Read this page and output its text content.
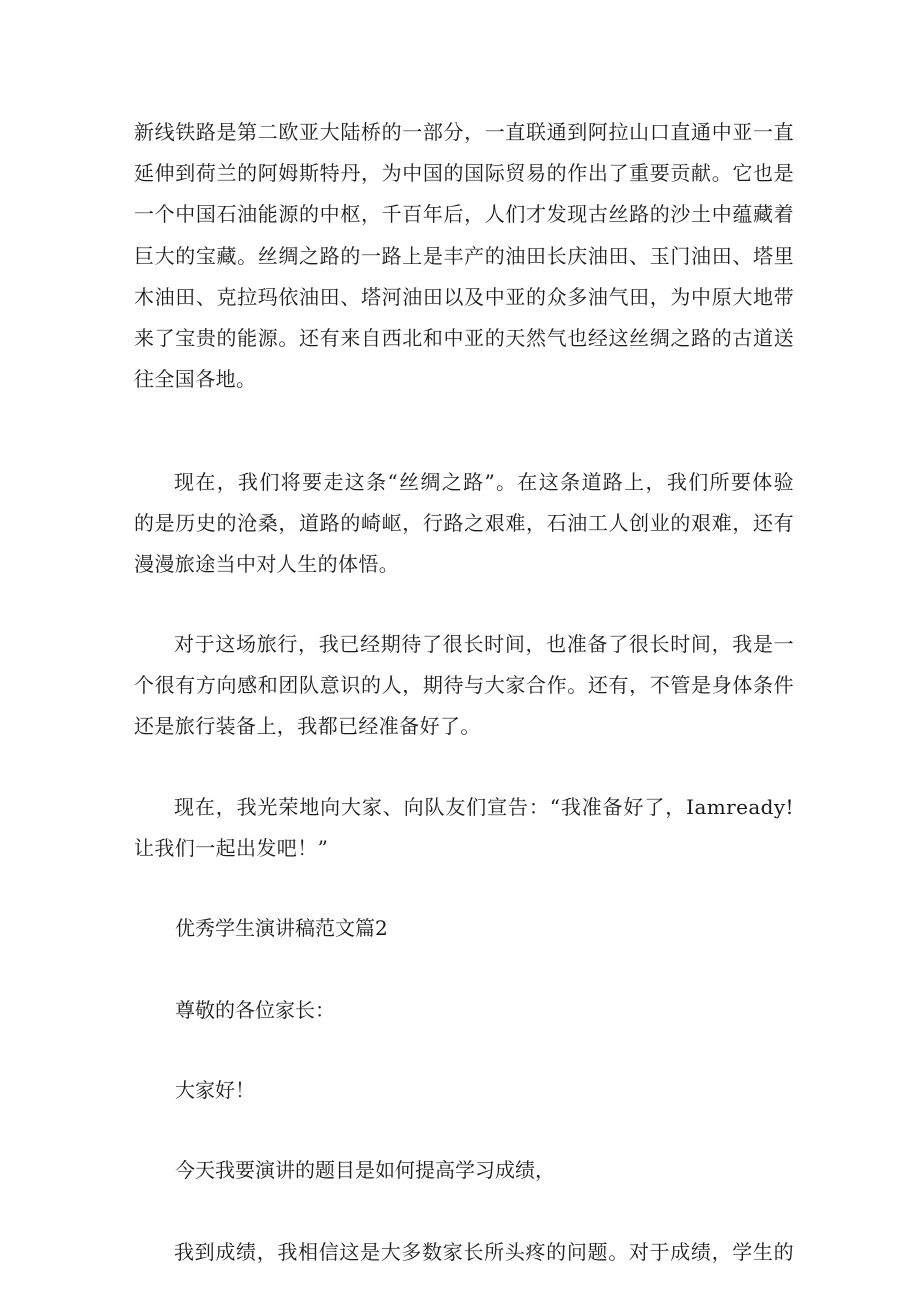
新线铁路是第二欧亚大陆桥的一部分，一直联通到阿拉山口直通中亚一直
延伸到荷兰的阿姆斯特丹，为中国的国际贸易的作出了重要贡献。它也是
一个中国石油能源的中枢，千百年后，人们才发现古丝路的沙土中蕴藏着
巨大的宝藏。丝绸之路的一路上是丰产的油田长庆油田、玉门油田、塔里
木油田、克拉玛依油田、塔河油田以及中亚的众多油气田，为中原大地带
来了宝贵的能源。还有来自西北和中亚的天然气也经这丝绸之路的古道送
往全国各地。

现在，我们将要走这条“丝绸之路”。在这条道路上，我们所要体验
的是历史的沧桑，道路的崎岖，行路之艰难，石油工人创业的艰难，还有
漫漫旅途当中对人生的体悟。

对于这场旅行，我已经期待了很长时间，也准备了很长时间，我是一
个很有方向感和团队意识的人，期待与大家合作。还有，不管是身体条件
还是旅行装备上，我都已经准备好了。

现在，我光荣地向大家、向队友们宣告：“我准备好了，Iamready!
让我们一起出发吧！”

优秀学生演讲稿范文篇2
尊敬的各位家长：
大家好！
今天我要演讲的题目是如何提高学习成绩，

我到成绩，我相信这是大多数家长所头疼的问题。对于成绩，学生的
